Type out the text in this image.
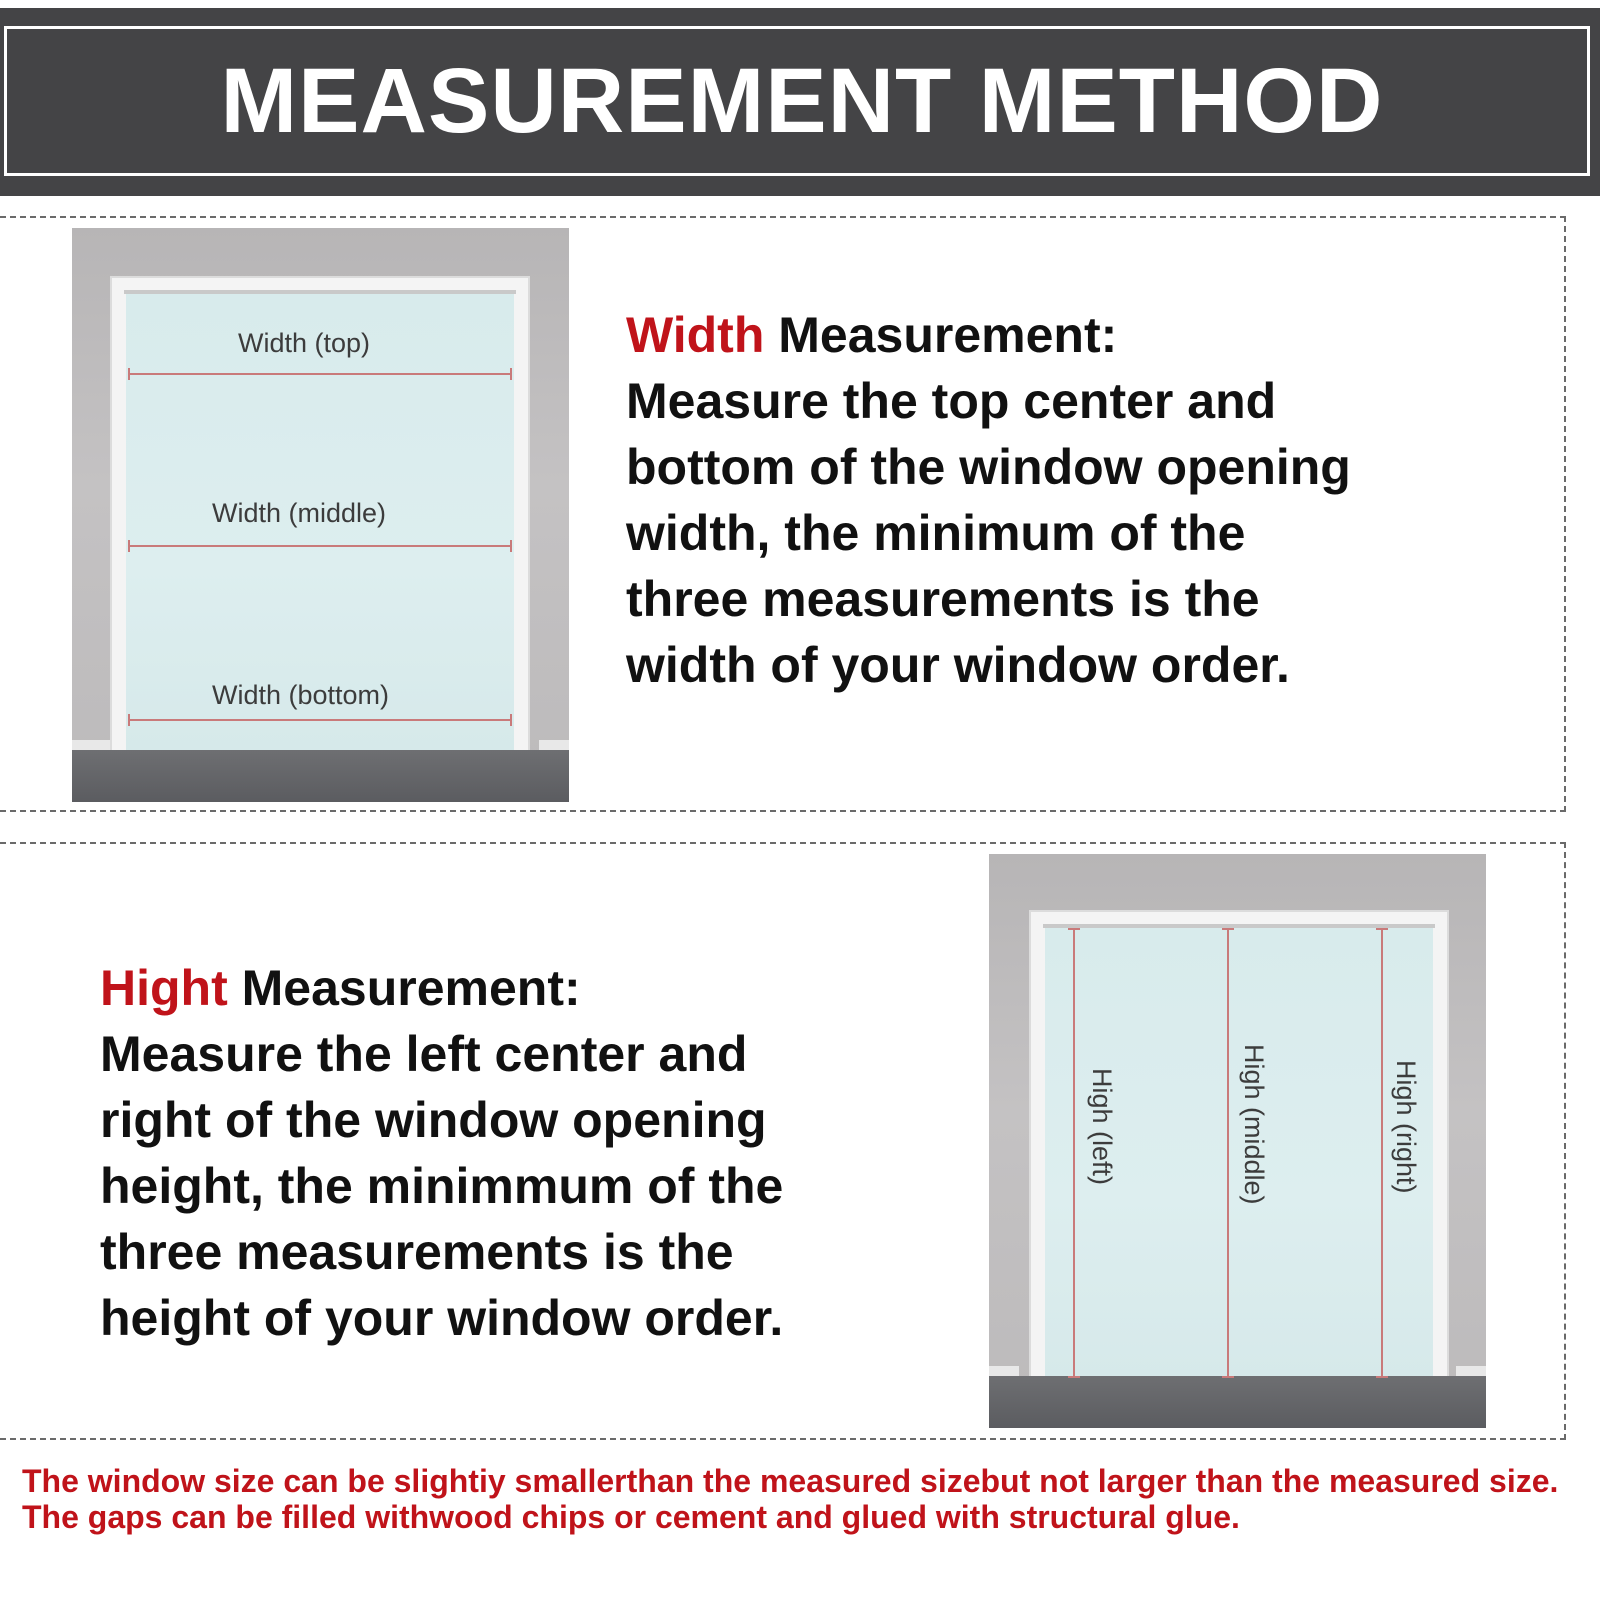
MEASUREMENT METHOD
Width (top)
Width (middle)
Width (bottom)
Width Measurement:
Measure the top center and
bottom of the window opening
width, the minimum of the
three measurements is the
width of your window order.
Hight Measurement:
Measure the left center and
right of the window opening
height, the minimmum of the
three measurements is the
height of your window order.
High (left)	High (middle)	High (right)
The window size can be slightiy smallerthan the measured sizebut not larger than the measured size. The gaps can be filled withwood chips or cement and glued with structural glue.
